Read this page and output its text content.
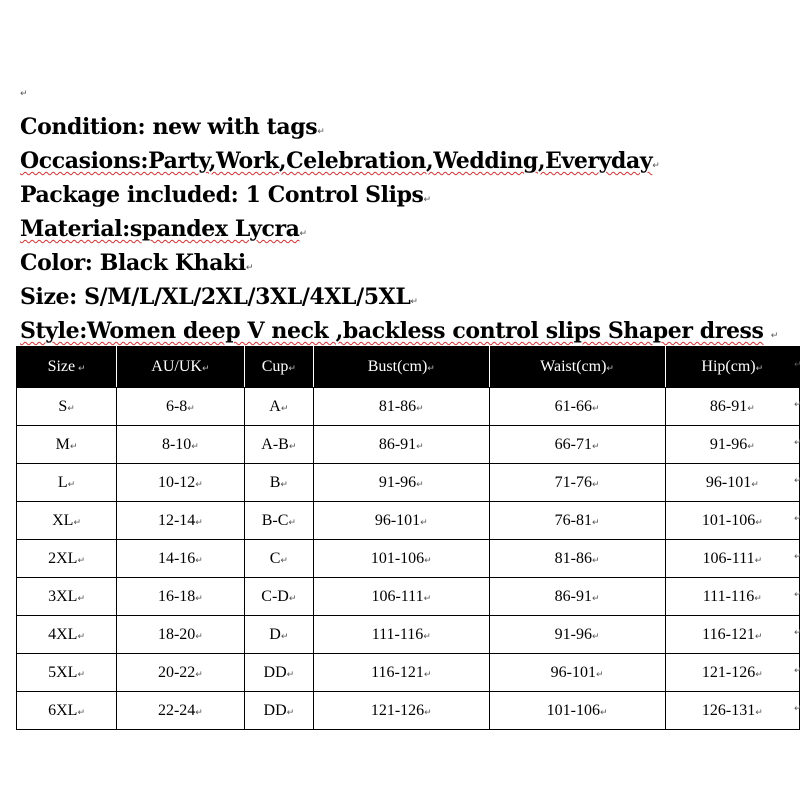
↵
Condition: new with tags↵
Occasions:Party,Work,Celebration,Wedding,Everyday↵
Package included: 1 Control Slips↵
Material:spandex Lycra↵
Color: Black Khaki↵
Size: S/M/L/XL/2XL/3XL/4XL/5XL↵
Style:Women deep V neck ,backless control slips Shaper dress ↵
Size ↵	AU/UK↵	Cup↵	Bust(cm)↵	Waist(cm)↵	Hip(cm)↵
S↵	6-8↵	A↵	81-86↵	61-66↵	86-91↵
M↵	8-10↵	A-B↵	86-91↵	66-71↵	91-96↵
L↵	10-12↵	B↵	91-96↵	71-76↵	96-101↵
XL↵	12-14↵	B-C↵	96-101↵	76-81↵	101-106↵
2XL↵	14-16↵	C↵	101-106↵	81-86↵	106-111↵
3XL↵	16-18↵	C-D↵	106-111↵	86-91↵	111-116↵
4XL↵	18-20↵	D↵	111-116↵	91-96↵	116-121↵
5XL↵	20-22↵	DD↵	116-121↵	96-101↵	121-126↵
6XL↵	22-24↵	DD↵	121-126↵	101-106↵	126-131↵
↵
↵
↵
↵
↵
↵
↵
↵
↵
↵
